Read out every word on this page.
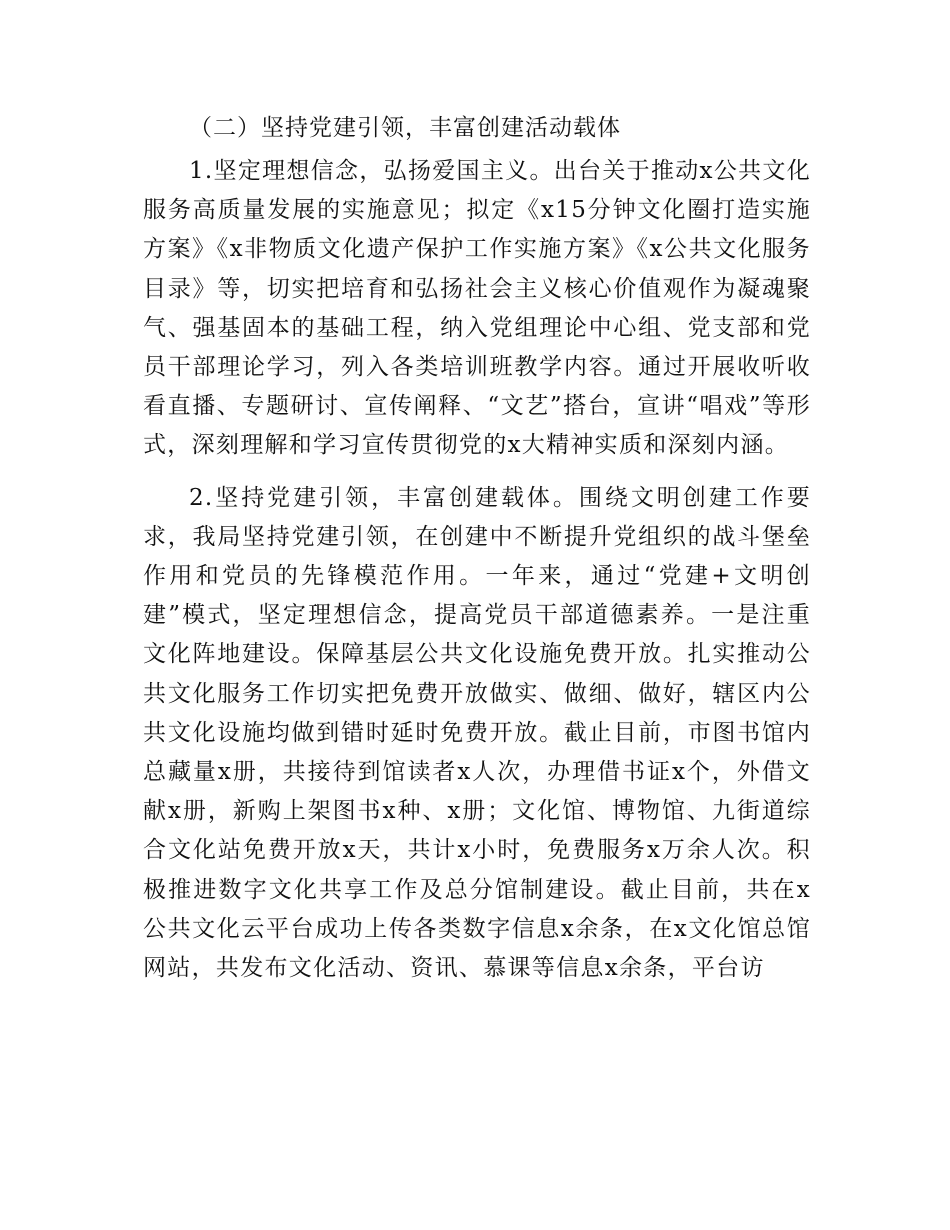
（二）坚持党建引领，丰富创建活动载体

1.坚定理想信念，弘扬爱国主义。出台关于推动x公共文化服务高质量发展的实施意见；拟定《x15分钟文化圈打造实施方案》《x非物质文化遗产保护工作实施方案》《x公共文化服务目录》等，切实把培育和弘扬社会主义核心价值观作为凝魂聚气、强基固本的基础工程，纳入党组理论中心组、党支部和党员干部理论学习，列入各类培训班教学内容。通过开展收听收看直播、专题研讨、宣传阐释、“文艺”搭台，宣讲“唱戏”等形式，深刻理解和学习宣传贯彻党的x大精神实质和深刻内涵。

2.坚持党建引领，丰富创建载体。围绕文明创建工作要求，我局坚持党建引领，在创建中不断提升党组织的战斗堡垒作用和党员的先锋模范作用。一年来，通过“党建+文明创建”模式，坚定理想信念，提高党员干部道德素养。一是注重文化阵地建设。保障基层公共文化设施免费开放。扎实推动公共文化服务工作切实把免费开放做实、做细、做好，辖区内公共文化设施均做到错时延时免费开放。截止目前，市图书馆内总藏量x册，共接待到馆读者x人次，办理借书证x个，外借文献x册，新购上架图书x种、x册；文化馆、博物馆、九街道综合文化站免费开放x天，共计x小时，免费服务x万余人次。积极推进数字文化共享工作及总分馆制建设。截止目前，共在x公共文化云平台成功上传各类数字信息x余条，在x文化馆总馆网站，共发布文化活动、资讯、慕课等信息x余条，平台访
